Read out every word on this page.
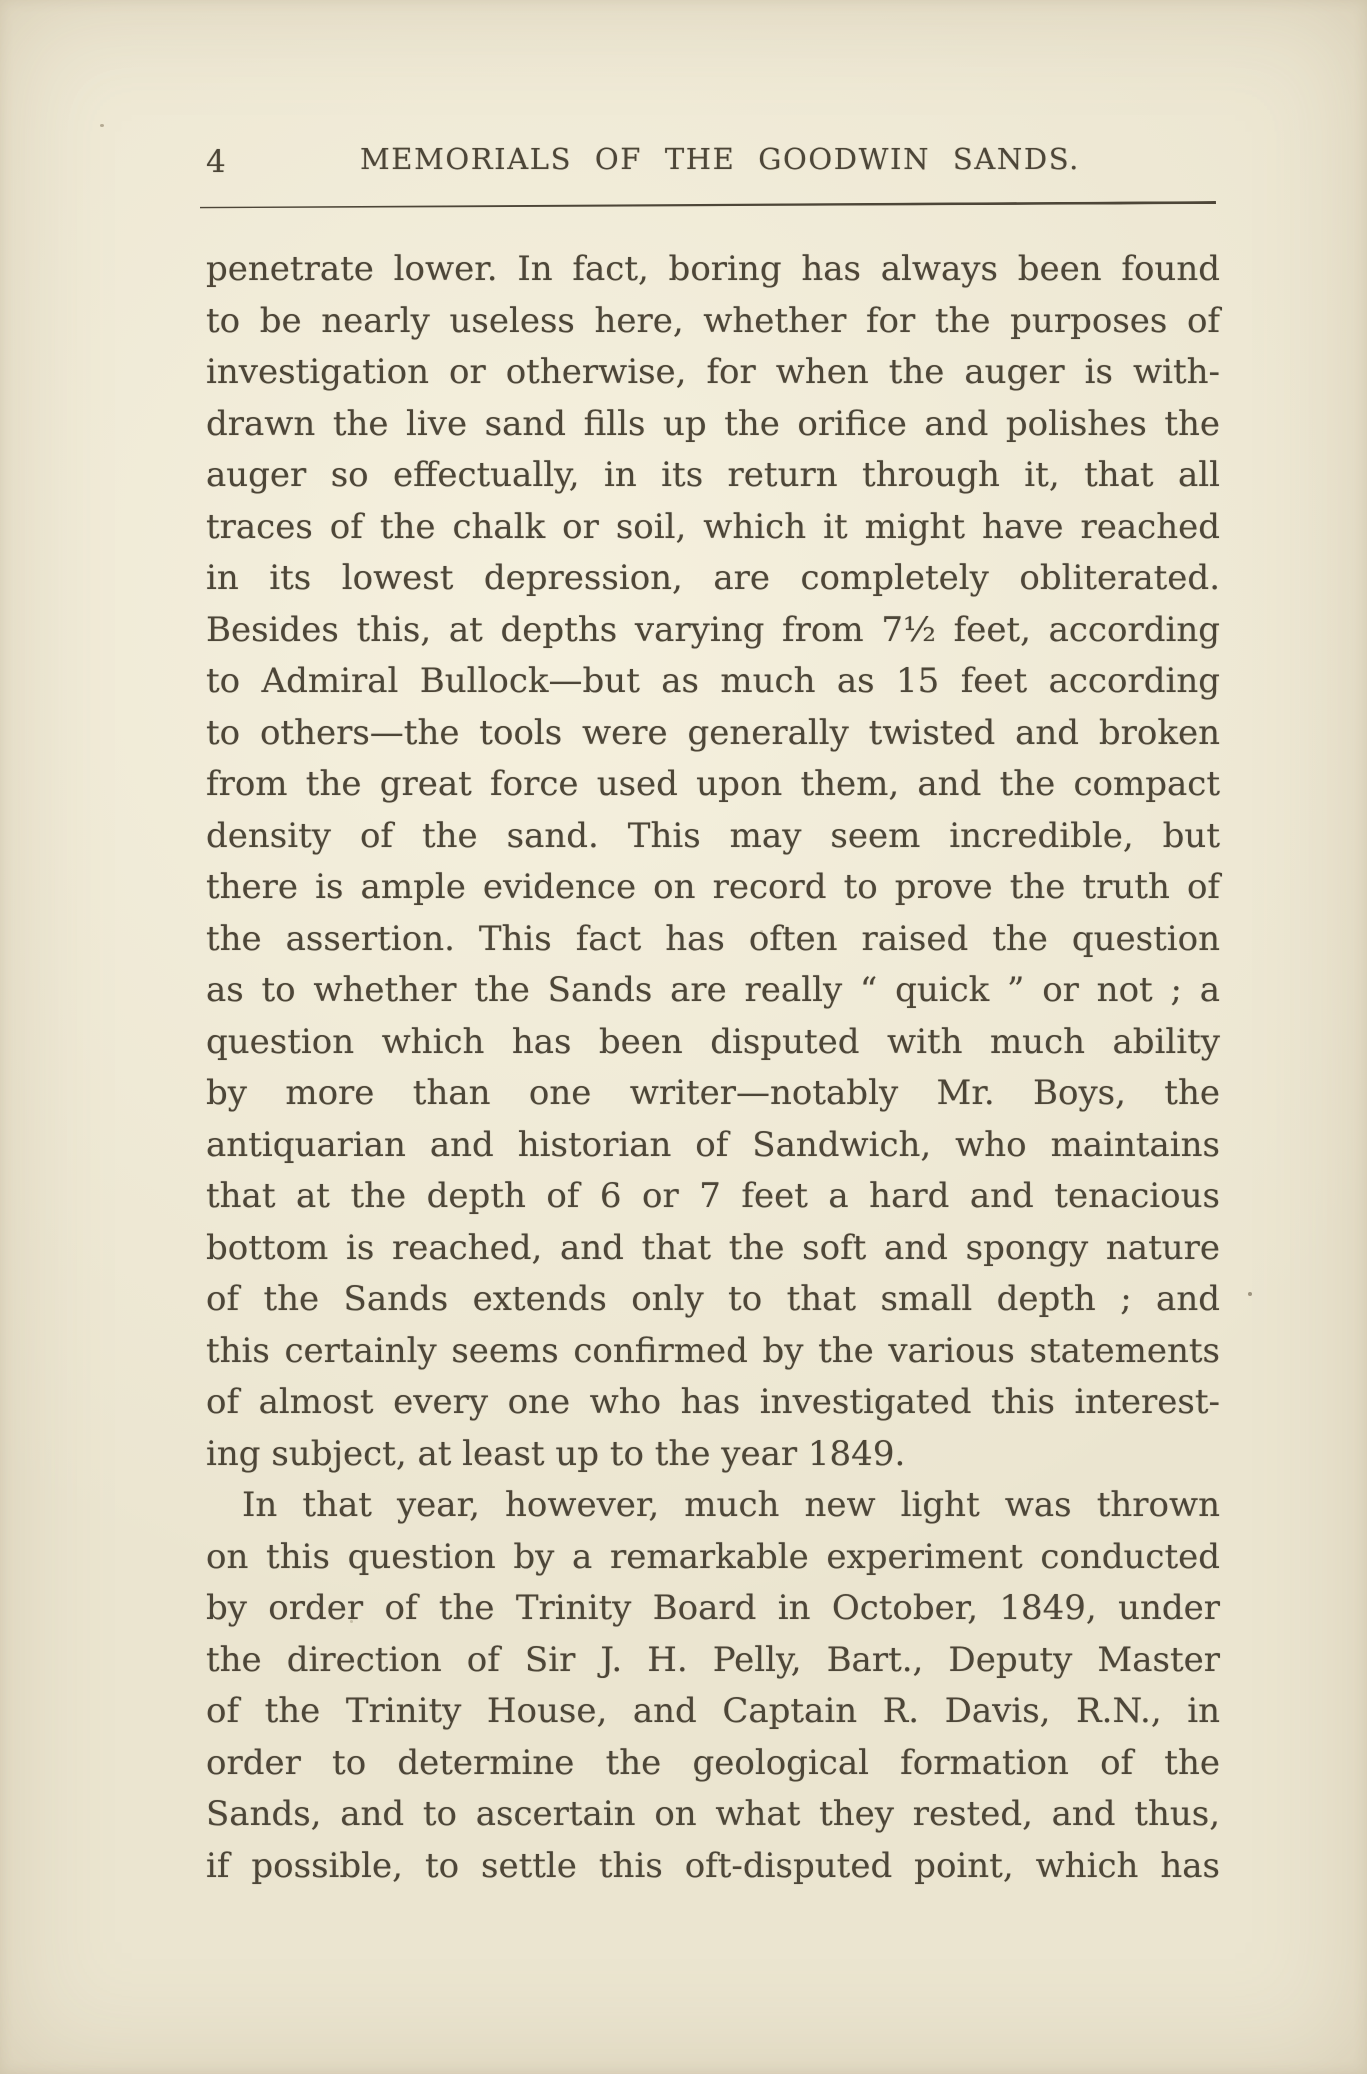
4	MEMORIALS OF THE GOODWIN SANDS.
penetrate lower. In fact, boring has always been found
to be nearly useless here, whether for the purposes of
investigation or otherwise, for when the auger is with-
drawn the live sand fills up the orifice and polishes the
auger so effectually, in its return through it, that all
traces of the chalk or soil, which it might have reached
in its lowest depression, are completely obliterated.
Besides this, at depths varying from 7½ feet, according
to Admiral Bullock—but as much as 15 feet according
to others—the tools were generally twisted and broken
from the great force used upon them, and the compact
density of the sand. This may seem incredible, but
there is ample evidence on record to prove the truth of
the assertion. This fact has often raised the question
as to whether the Sands are really “ quick ” or not ; a
question which has been disputed with much ability
by more than one writer—notably Mr. Boys, the
antiquarian and historian of Sandwich, who maintains
that at the depth of 6 or 7 feet a hard and tenacious
bottom is reached, and that the soft and spongy nature
of the Sands extends only to that small depth ; and
this certainly seems confirmed by the various statements
of almost every one who has investigated this interest-
ing subject, at least up to the year 1849.
In that year, however, much new light was thrown
on this question by a remarkable experiment conducted
by order of the Trinity Board in October, 1849, under
the direction of Sir J. H. Pelly, Bart., Deputy Master
of the Trinity House, and Captain R. Davis, R.N., in
order to determine the geological formation of the
Sands, and to ascertain on what they rested, and thus,
if possible, to settle this oft-disputed point, which has
